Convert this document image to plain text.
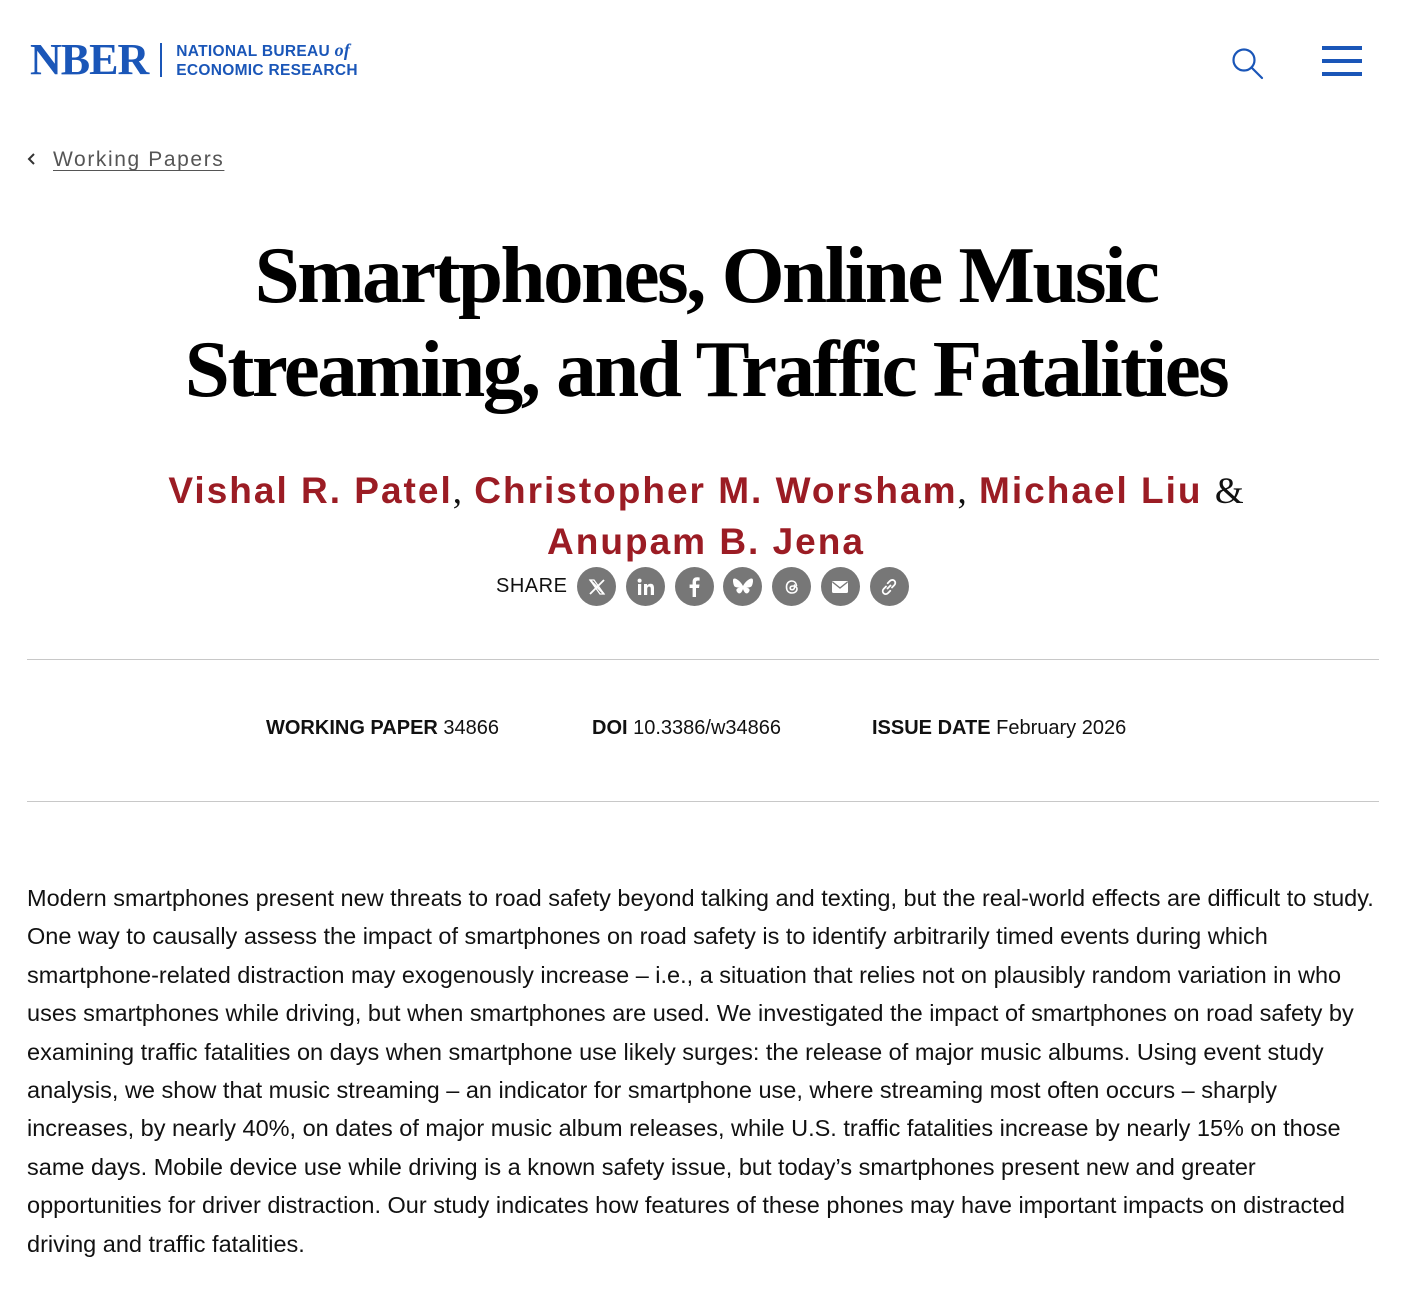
NBER NATIONAL BUREAU of
ECONOMIC RESEARCH
Working Papers
Smartphones, Online Music
Streaming, and Traffic Fatalities
Vishal R. Patel, Christopher M. Worsham, Michael Liu &
Anupam B. Jena
SHARE
WORKING PAPER 34866	DOI 10.3386/w34866	ISSUE DATE February 2026

Modern smartphones present new threats to road safety beyond talking and texting, but the real-world effects are difficult to study. One way to causally assess the impact of smartphones on road safety is to identify arbitrarily timed events during which smartphone-related distraction may exogenously increase – i.e., a situation that relies not on plausibly random variation in who uses smartphones while driving, but when smartphones are used. We investigated the impact of smartphones on road safety by examining traffic fatalities on days when smartphone use likely surges: the release of major music albums. Using event study analysis, we show that music streaming – an indicator for smartphone use, where streaming most often occurs – sharply increases, by nearly 40%, on dates of major music album releases, while U.S. traffic fatalities increase by nearly 15% on those same days. Mobile device use while driving is a known safety issue, but today’s smartphones present new and greater opportunities for driver distraction. Our study indicates how features of these phones may have important impacts on distracted driving and traffic fatalities.
